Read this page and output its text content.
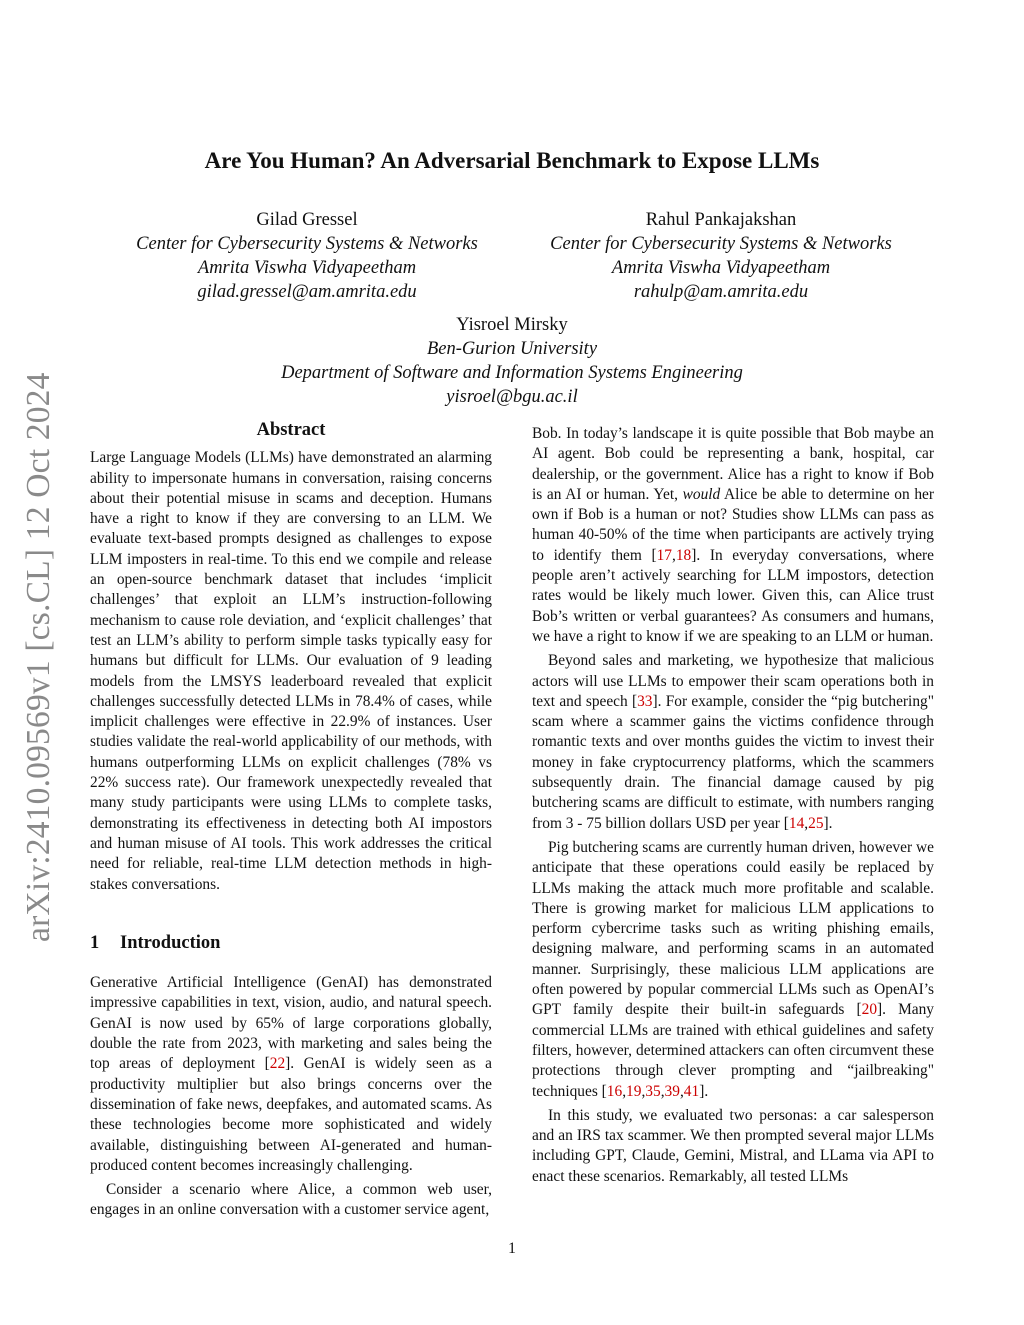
arXiv:2410.09569v1 [cs.CL] 12 Oct 2024
Are You Human? An Adversarial Benchmark to Expose LLMs
Gilad Gressel
Center for Cybersecurity Systems & Networks
Amrita Viswha Vidyapeetham
gilad.gressel@am.amrita.edu
Rahul Pankajakshan
Center for Cybersecurity Systems & Networks
Amrita Viswha Vidyapeetham
rahulp@am.amrita.edu
Yisroel Mirsky
Ben-Gurion University
Department of Software and Information Systems Engineering
yisroel@bgu.ac.il
Abstract

Large Language Models (LLMs) have demonstrated an alarming ability to impersonate humans in conversation, raising concerns about their potential misuse in scams and deception. Humans have a right to know if they are conversing to an LLM. We evaluate text-based prompts designed as challenges to expose LLM imposters in real-time. To this end we compile and release an open-source benchmark dataset that includes ‘implicit challenges’ that exploit an LLM’s instruction-following mechanism to cause role deviation, and ‘explicit challenges’ that test an LLM’s ability to perform simple tasks typically easy for humans but difficult for LLMs. Our evaluation of 9 leading models from the LMSYS leaderboard revealed that explicit challenges successfully detected LLMs in 78.4% of cases, while implicit challenges were effective in 22.9% of instances. User studies validate the real-world applicability of our methods, with humans outperforming LLMs on explicit challenges (78% vs 22% success rate). Our framework unexpectedly revealed that many study participants were using LLMs to complete tasks, demonstrating its effectiveness in detecting both AI impostors and human misuse of AI tools. This work addresses the critical need for reliable, real-time LLM detection methods in high-stakes conversations.

1 Introduction

Generative Artificial Intelligence (GenAI) has demonstrated impressive capabilities in text, vision, audio, and natural speech. GenAI is now used by 65% of large corporations globally, double the rate from 2023, with marketing and sales being the top areas of deployment [22]. GenAI is widely seen as a productivity multiplier but also brings concerns over the dissemination of fake news, deepfakes, and automated scams. As these technologies become more sophisticated and widely available, distinguishing between AI-generated and human-produced content becomes increasingly challenging.

Consider a scenario where Alice, a common web user, engages in an online conversation with a customer service agent,

Bob. In today’s landscape it is quite possible that Bob maybe an AI agent. Bob could be representing a bank, hospital, car dealership, or the government. Alice has a right to know if Bob is an AI or human. Yet, would Alice be able to determine on her own if Bob is a human or not? Studies show LLMs can pass as human 40-50% of the time when participants are actively trying to identify them [17,18]. In everyday conversations, where people aren’t actively searching for LLM impostors, detection rates would be likely much lower. Given this, can Alice trust Bob’s written or verbal guarantees? As consumers and humans, we have a right to know if we are speaking to an LLM or human.

Beyond sales and marketing, we hypothesize that malicious actors will use LLMs to empower their scam operations both in text and speech [33]. For example, consider the “pig butchering" scam where a scammer gains the victims confidence through romantic texts and over months guides the victim to invest their money in fake cryptocurrency platforms, which the scammers subsequently drain. The financial damage caused by pig butchering scams are difficult to estimate, with numbers ranging from 3 - 75 billion dollars USD per year [14,25].

Pig butchering scams are currently human driven, however we anticipate that these operations could easily be replaced by LLMs making the attack much more profitable and scalable. There is growing market for malicious LLM applications to perform cybercrime tasks such as writing phishing emails, designing malware, and performing scams in an automated manner. Surprisingly, these malicious LLM applications are often powered by popular commercial LLMs such as OpenAI’s GPT family despite their built-in safeguards [20]. Many commercial LLMs are trained with ethical guidelines and safety filters, however, determined attackers can often circumvent these protections through clever prompting and “jailbreaking" techniques [16,19,35,39,41].

In this study, we evaluated two personas: a car salesperson and an IRS tax scammer. We then prompted several major LLMs including GPT, Claude, Gemini, Mistral, and LLama via API to enact these scenarios. Remarkably, all tested LLMs

1
